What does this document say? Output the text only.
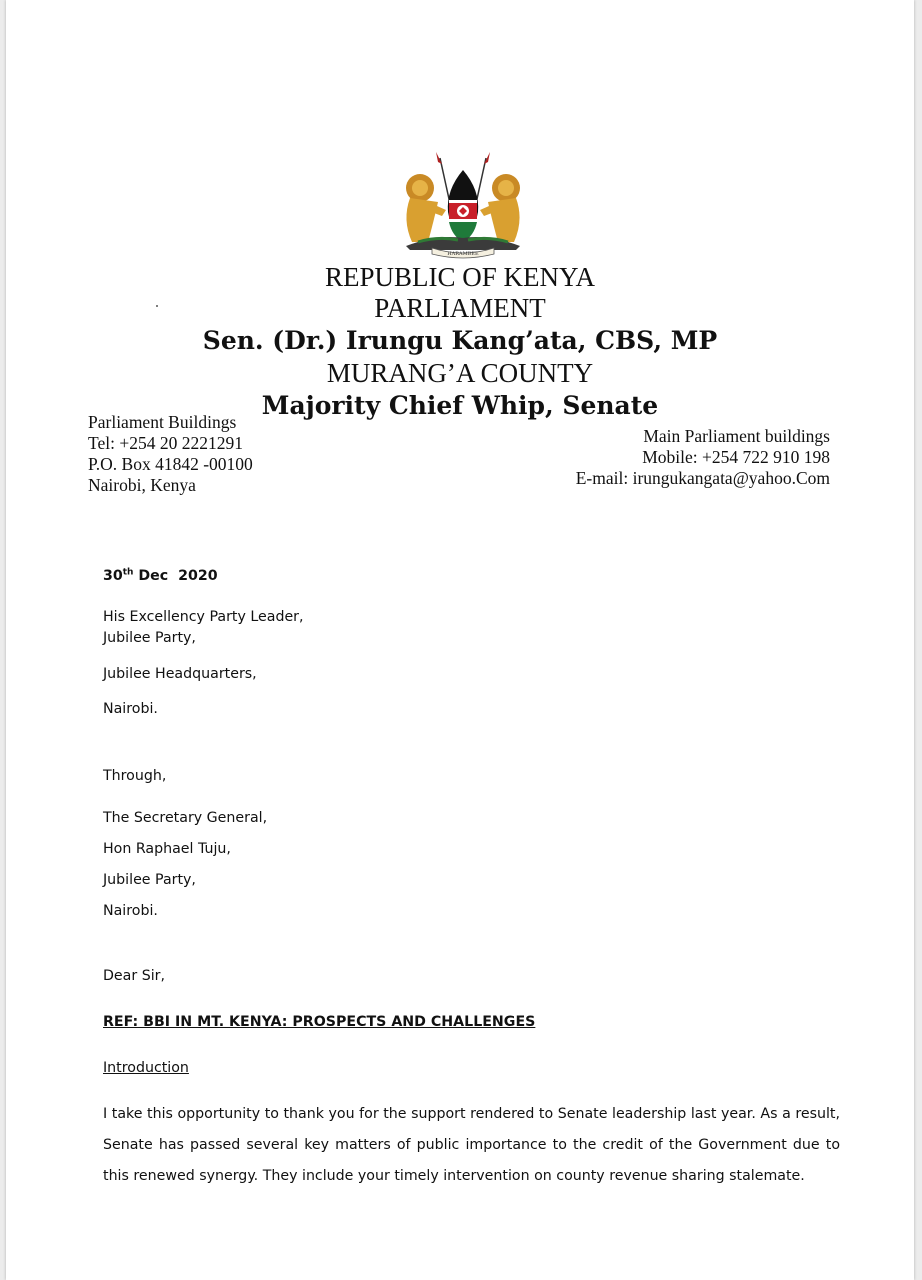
HARAMBEE
REPUBLIC OF KENYA
PARLIAMENT
Sen. (Dr.) Irungu Kang’ata, CBS, MP
MURANG’A COUNTY
Majority Chief Whip, Senate
Parliament Buildings
Tel: +254 20 2221291
P.O. Box 41842 -00100
Nairobi, Kenya
Main Parliament buildings
Mobile: +254 722 910 198
E-mail: irungukangata@yahoo.Com
30th Dec  2020
His Excellency Party Leader,
Jubilee Party,
Jubilee Headquarters,
Nairobi.
Through,
The Secretary General,
Hon Raphael Tuju,
Jubilee Party,
Nairobi.
Dear Sir,
REF: BBI IN MT. KENYA: PROSPECTS AND CHALLENGES
Introduction
I take this opportunity to thank you for the support rendered to Senate leadership last year. As a result, Senate has passed several key matters of public importance to the credit of the Government due to this renewed synergy. They include your timely intervention on county revenue sharing stalemate.
